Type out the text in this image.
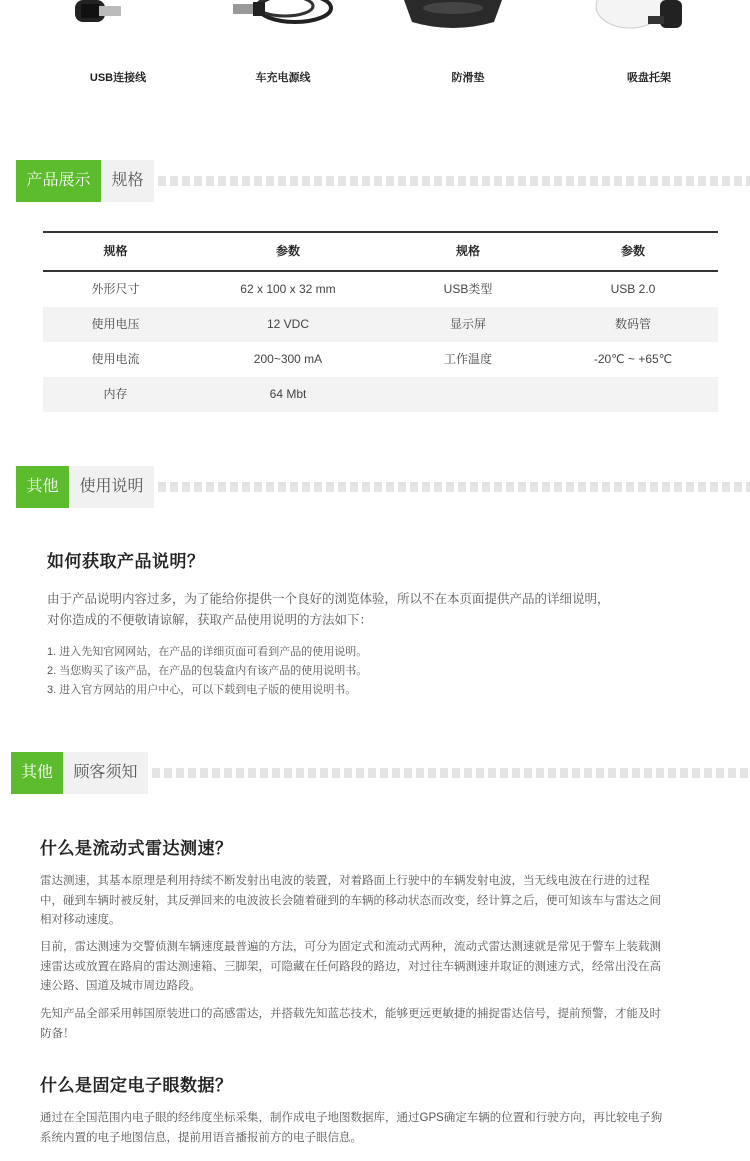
USB连接线	车充电源线	防滑垫	吸盘托架
产品展示	规格
规格	参数	规格	参数
外形尺寸	62 x 100 x 32 mm	USB类型	USB 2.0
使用电压	12 VDC	显示屏	数码管
使用电流	200~300 mA	工作温度	-20℃ ~ +65℃
内存	64 Mbt
其他	使用说明
如何获取产品说明？
由于产品说明内容过多，为了能给你提供一个良好的浏览体验，所以不在本页面提供产品的详细说明，
对你造成的不便敬请谅解，获取产品使用说明的方法如下：
1. 进入先知官网网站，在产品的详细页面可看到产品的使用说明。
2. 当您购买了该产品，在产品的包装盒内有该产品的使用说明书。
3. 进入官方网站的用户中心，可以下载到电子版的使用说明书。
其他	顾客须知
什么是流动式雷达测速？
雷达测速，其基本原理是利用持续不断发射出电波的装置，对着路面上行驶中的车辆发射电波，当无线电波在行进的过程
中，碰到车辆时被反射，其反弹回来的电波波长会随着碰到的车辆的移动状态而改变，经计算之后，便可知该车与雷达之间
相对移动速度。
目前，雷达测速为交警侦测车辆速度最普遍的方法，可分为固定式和流动式两种，流动式雷达测速就是常见于警车上装载测
速雷达或放置在路肩的雷达测速箱、三脚架，可隐藏在任何路段的路边，对过往车辆测速并取证的测速方式，经常出没在高
速公路、国道及城市周边路段。
先知产品全部采用韩国原装进口的高感雷达，并搭载先知蓝芯技术，能够更远更敏捷的捕捉雷达信号，提前预警，才能及时
防备！
什么是固定电子眼数据？
通过在全国范围内电子眼的经纬度坐标采集，制作成电子地图数据库，通过GPS确定车辆的位置和行驶方向，再比较电子狗
系统内置的电子地图信息，提前用语音播报前方的电子眼信息。
